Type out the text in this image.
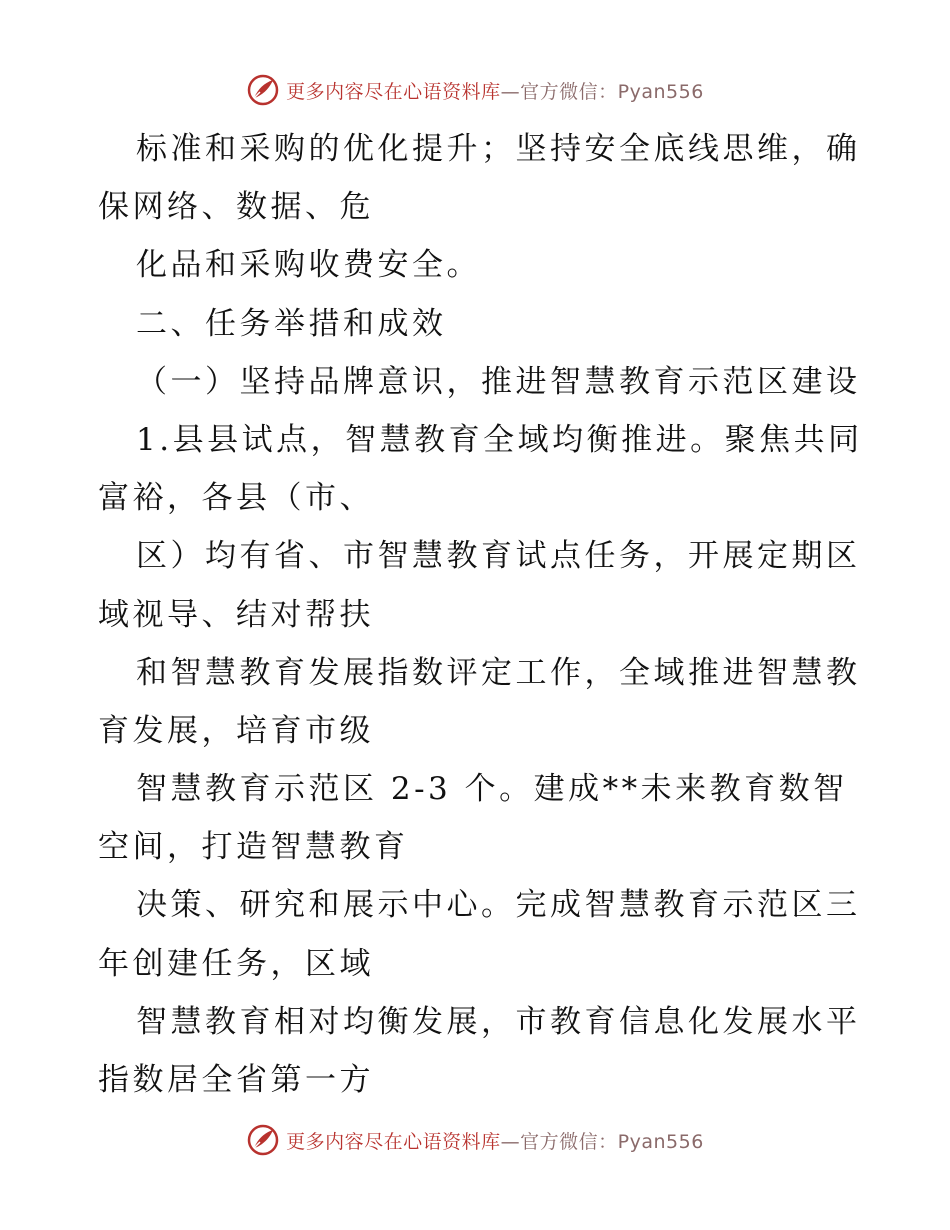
更多内容尽在心语资料库—官方微信：Pyan556
标准和采购的优化提升；坚持安全底线思维，确
保网络、数据、危
化品和采购收费安全。
二、任务举措和成效
（一）坚持品牌意识，推进智慧教育示范区建设
1.县县试点，智慧教育全域均衡推进。聚焦共同
富裕，各县（市、
区）均有省、市智慧教育试点任务，开展定期区
域视导、结对帮扶
和智慧教育发展指数评定工作，全域推进智慧教
育发展，培育市级
智慧教育示范区 2-3 个。建成**未来教育数智
空间，打造智慧教育
决策、研究和展示中心。完成智慧教育示范区三
年创建任务，区域
智慧教育相对均衡发展，市教育信息化发展水平
指数居全省第一方
更多内容尽在心语资料库—官方微信：Pyan556
